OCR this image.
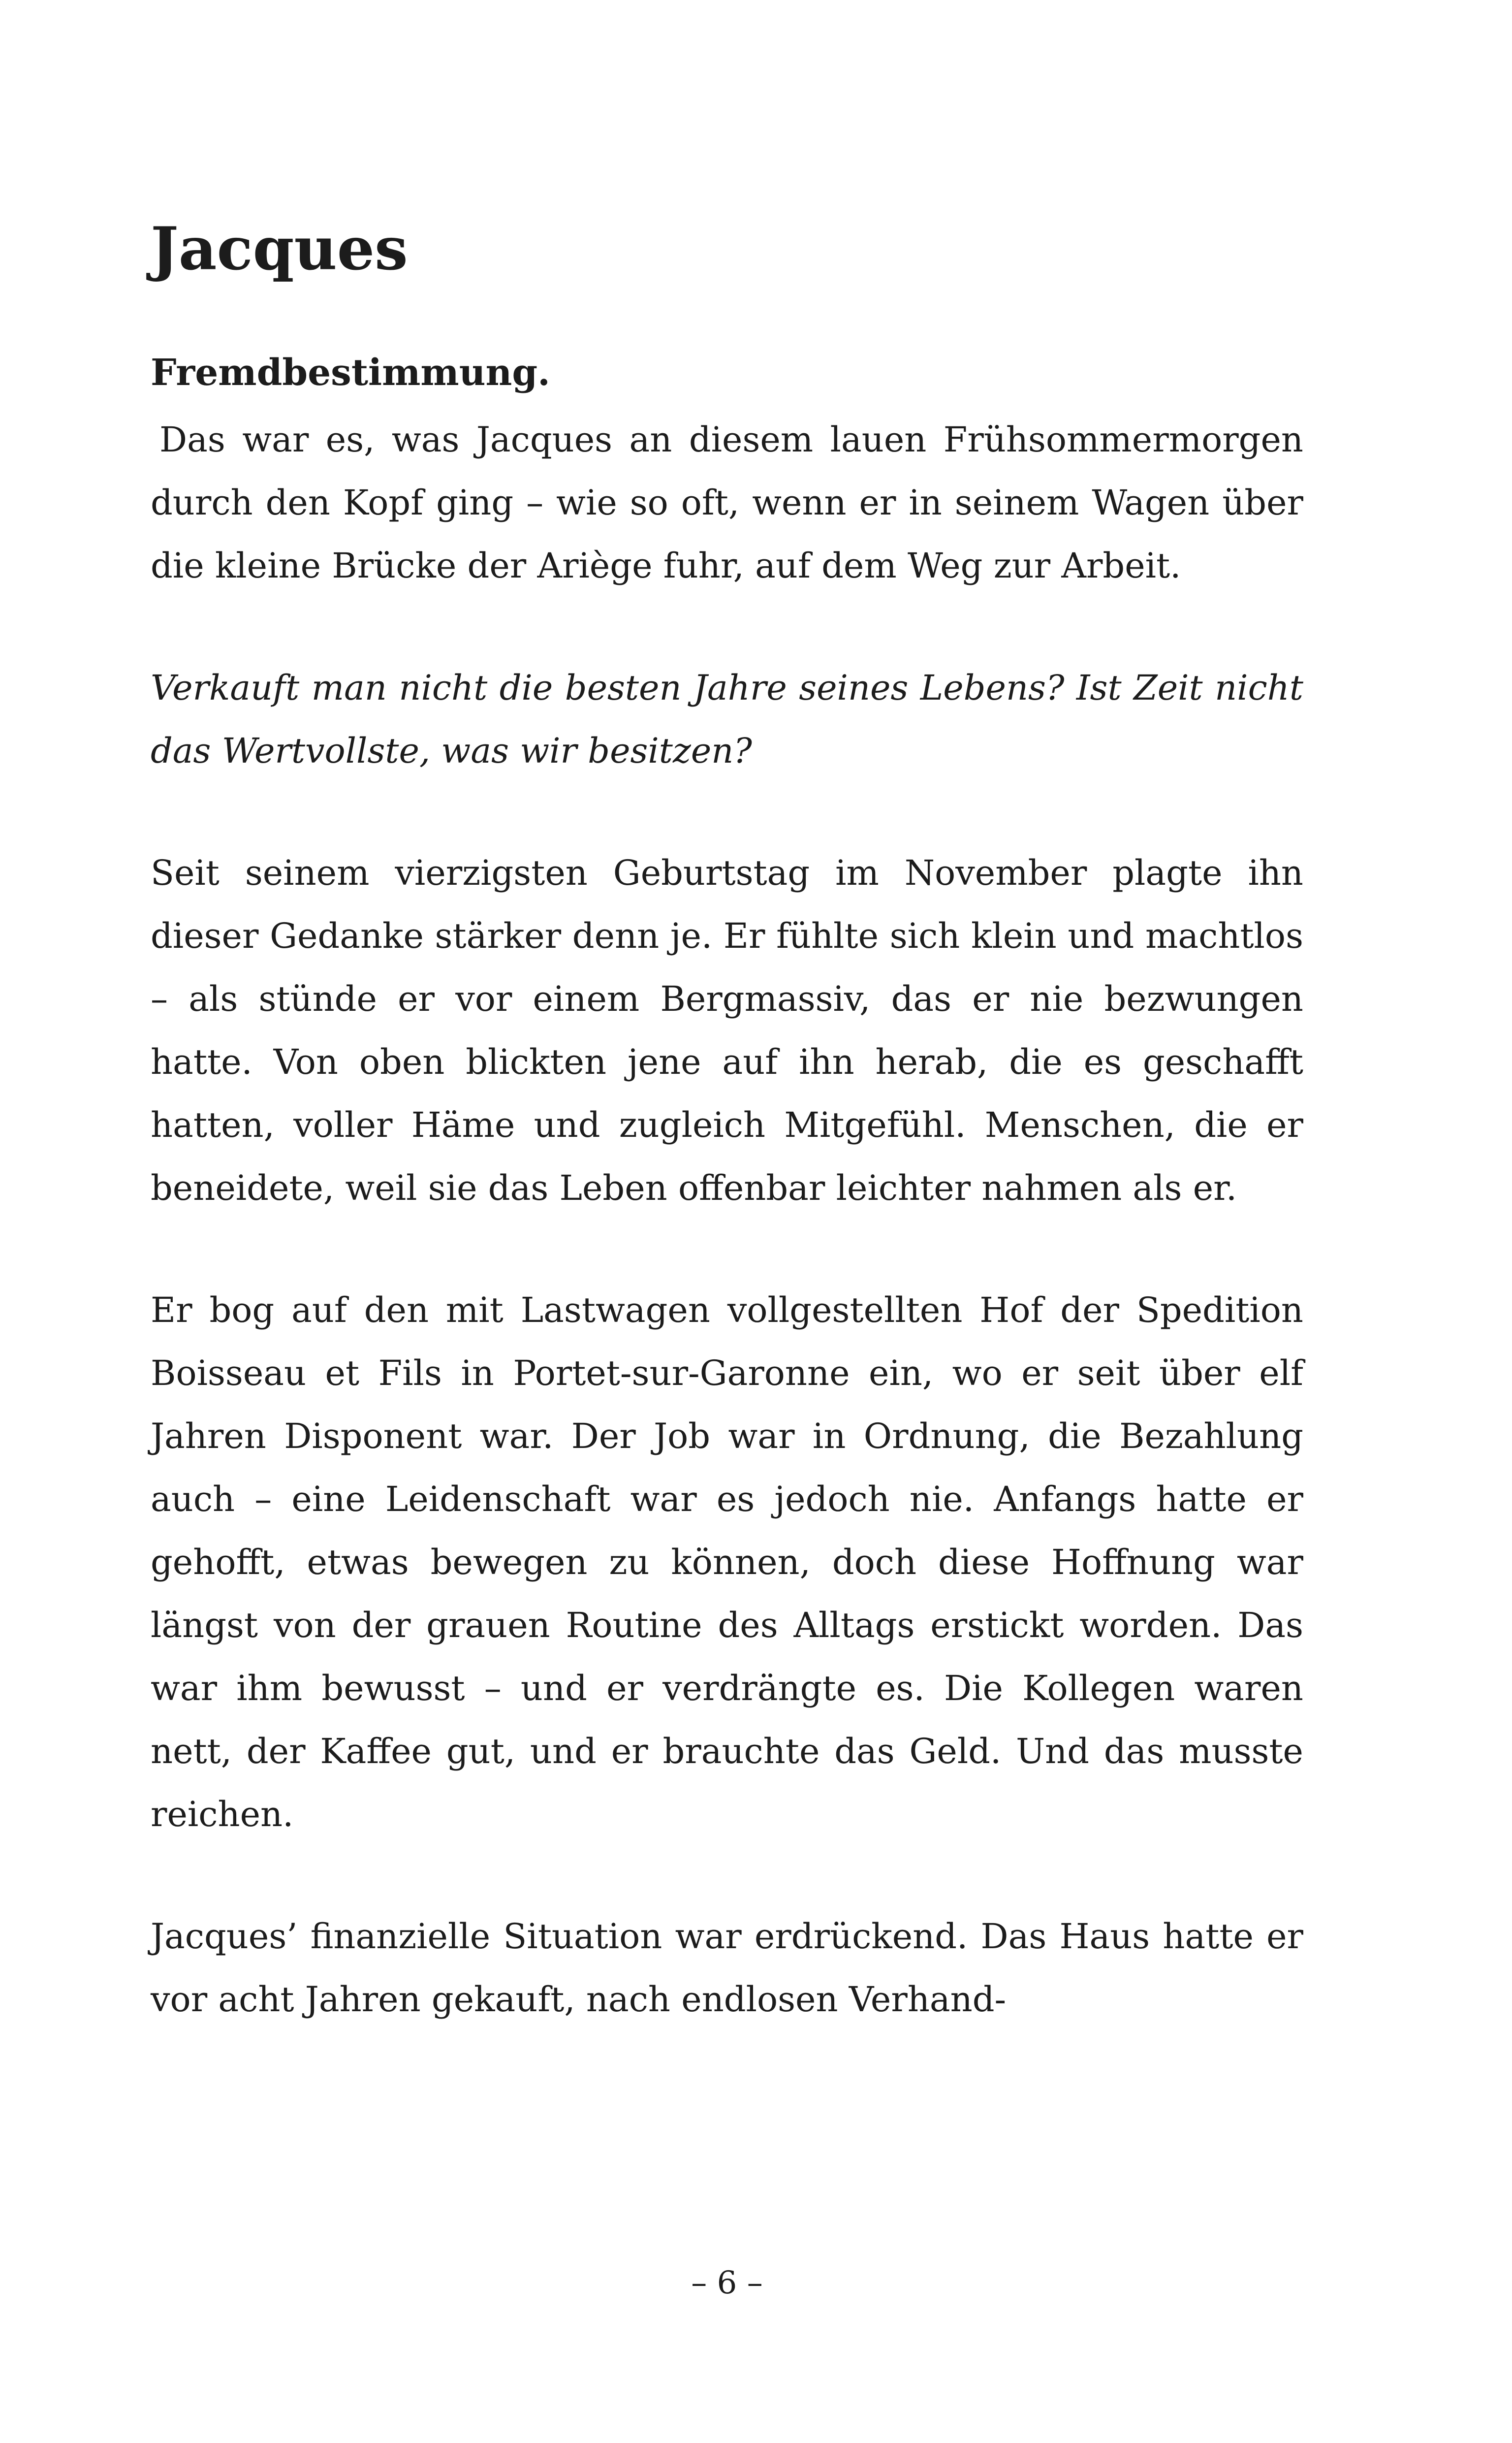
Jacques
Fremdbestimmung.

Das war es, was Jacques an diesem lauen Frühsommermorgen durch den Kopf ging – wie so oft, wenn er in seinem Wagen über die kleine Brücke der Ariège fuhr, auf dem Weg zur Arbeit.

Verkauft man nicht die besten Jahre seines Lebens? Ist Zeit nicht das Wertvollste, was wir besitzen?

Seit seinem vierzigsten Geburtstag im November plagte ihn dieser Gedanke stärker denn je. Er fühlte sich klein und machtlos – als stünde er vor einem Bergmassiv, das er nie bezwungen hatte. Von oben blickten jene auf ihn herab, die es geschafft hatten, voller Häme und zugleich Mitgefühl. Menschen, die er beneidete, weil sie das Leben offenbar leichter nahmen als er.

Er bog auf den mit Lastwagen vollgestellten Hof der Spedition Boisseau et Fils in Portet-sur-Garonne ein, wo er seit über elf Jahren Disponent war. Der Job war in Ordnung, die Bezahlung auch – eine Leidenschaft war es jedoch nie. Anfangs hatte er gehofft, etwas bewegen zu können, doch diese Hoffnung war längst von der grauen Routine des Alltags erstickt worden. Das war ihm bewusst – und er verdrängte es. Die Kollegen waren nett, der Kaffee gut, und er brauchte das Geld. Und das musste reichen.

Jacques’ finanzielle Situation war erdrückend. Das Haus hatte er vor acht Jahren gekauft, nach endlosen Verhand-

– 6 –
